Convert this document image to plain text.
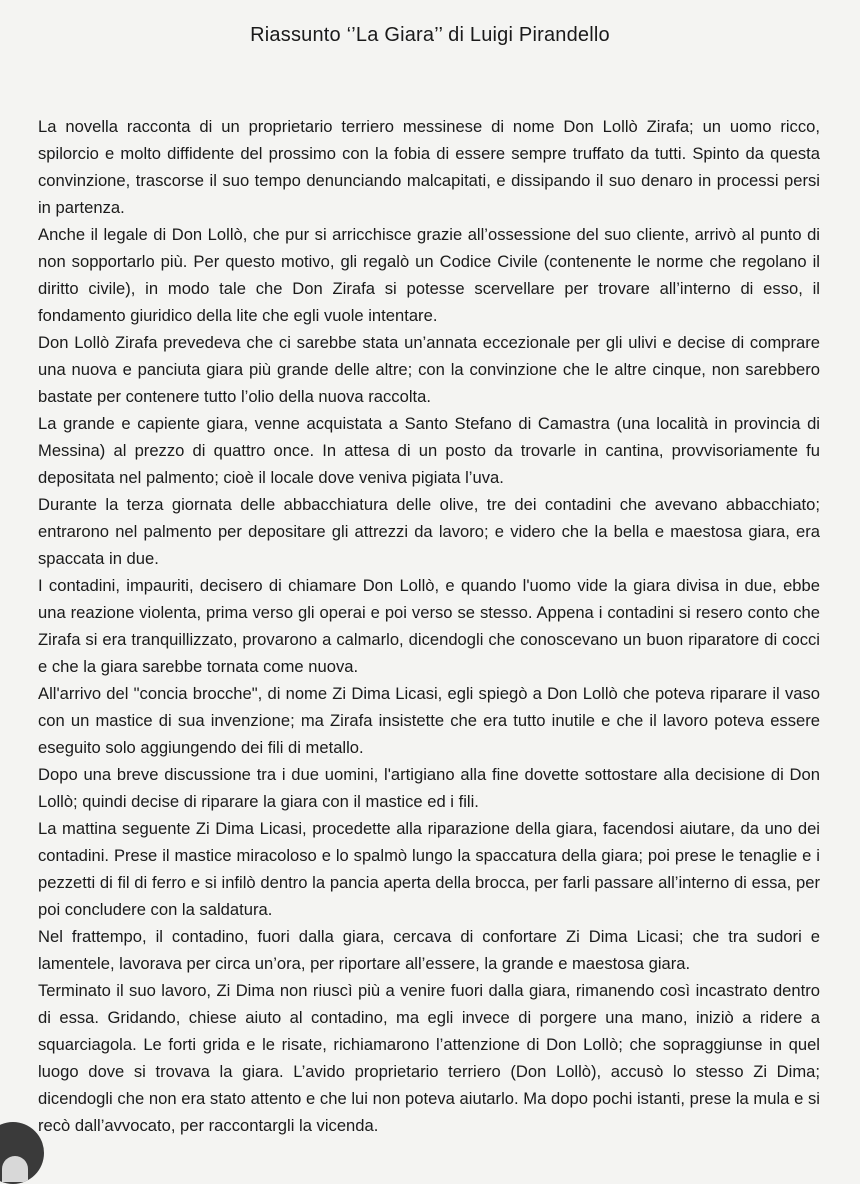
Riassunto ‘’La Giara’’ di Luigi Pirandello

La novella racconta di un proprietario terriero messinese di nome Don Lollò Zirafa; un uomo ricco, spilorcio e molto diffidente del prossimo con la fobia di essere sempre truffato da tutti. Spinto da questa convinzione, trascorse il suo tempo denunciando malcapitati, e dissipando il suo denaro in processi persi in partenza.

Anche il legale di Don Lollò, che pur si arricchisce grazie all’ossessione del suo cliente, arrivò al punto di non sopportarlo più. Per questo motivo, gli regalò un Codice Civile (contenente le norme che regolano il diritto civile), in modo tale che Don Zirafa si potesse scervellare per trovare all’interno di esso, il fondamento giuridico della lite che egli vuole intentare.

Don Lollò Zirafa prevedeva che ci sarebbe stata un’annata eccezionale per gli ulivi e decise di comprare una nuova e panciuta giara più grande delle altre; con la convinzione che le altre cinque, non sarebbero bastate per contenere tutto l’olio della nuova raccolta.

La grande e capiente giara, venne acquistata a Santo Stefano di Camastra (una località in provincia di Messina) al prezzo di quattro once. In attesa di un posto da trovarle in cantina, provvisoriamente fu depositata nel palmento; cioè il locale dove veniva pigiata l’uva.

Durante la terza giornata delle abbacchiatura delle olive, tre dei contadini che avevano abbacchiato; entrarono nel palmento per depositare gli attrezzi da lavoro; e videro che la bella e maestosa giara, era spaccata in due.

I contadini, impauriti, decisero di chiamare Don Lollò, e quando l'uomo vide la giara divisa in due, ebbe una reazione violenta, prima verso gli operai e poi verso se stesso. Appena i contadini si resero conto che Zirafa si era tranquillizzato, provarono a calmarlo, dicendogli che conoscevano un buon riparatore di cocci e che la giara sarebbe tornata come nuova.

All'arrivo del "concia brocche", di nome Zi Dima Licasi, egli spiegò a Don Lollò che poteva riparare il vaso con un mastice di sua invenzione; ma Zirafa insistette che era tutto inutile e che il lavoro poteva essere eseguito solo aggiungendo dei fili di metallo.

Dopo una breve discussione tra i due uomini, l'artigiano alla fine dovette sottostare alla decisione di Don Lollò; quindi decise di riparare la giara con il mastice ed i fili.

La mattina seguente Zi Dima Licasi, procedette alla riparazione della giara, facendosi aiutare, da uno dei contadini. Prese il mastice miracoloso e lo spalmò lungo la spaccatura della giara; poi prese le tenaglie e i pezzetti di fil di ferro e si infilò dentro la pancia aperta della brocca, per farli passare all’interno di essa, per poi concludere con la saldatura.

Nel frattempo, il contadino, fuori dalla giara, cercava di confortare Zi Dima Licasi; che tra sudori e lamentele, lavorava per circa un’ora, per riportare all’essere, la grande e maestosa giara.

Terminato il suo lavoro, Zi Dima non riuscì più a venire fuori dalla giara, rimanendo così incastrato dentro di essa. Gridando, chiese aiuto al contadino, ma egli invece di porgere una mano, iniziò a ridere a squarciagola. Le forti grida e le risate, richiamarono l’attenzione di Don Lollò; che sopraggiunse in quel luogo dove si trovava la giara. L’avido proprietario terriero (Don Lollò), accusò lo stesso Zi Dima; dicendogli che non era stato attento e che lui non poteva aiutarlo. Ma dopo pochi istanti, prese la mula e si recò dall’avvocato, per raccontargli la vicenda.
